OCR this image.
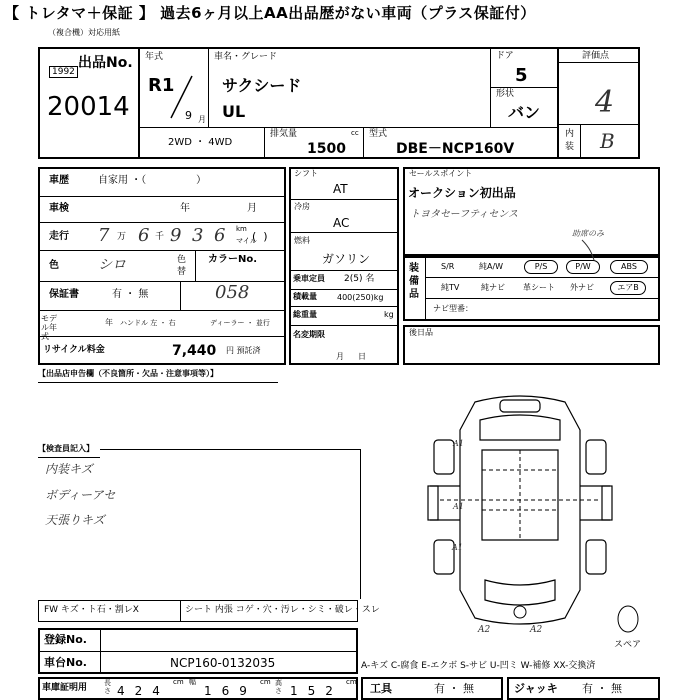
【 トレタマ＋保証 】 過去6ヶ月以上AA出品歴がない車両（プラス保証付）
（複合機）対応用紙
出品No.
1992
20014
年式
R1
9 月
車名・グレード
サクシード
UL
ドア
5
形状
バン
評価点
4
内装 B
2WD ・ 4WD
排気量	cc
1500
型式
DBE－NCP160V
車歴	自家用 ・（　　　　　）
車検	年	月
走行 7 万 6 千 9 3 6 km
マイル
(  )
色	シロ	色替
カラーNo.
保証書	有 ・ 無	058
モデル年式
年 ハンドル 左 ・ 右	ディーラー ・ 並行
リサイクル料金	7,440 円 預託済
シフト
AT
冷房
AC
燃料
ガソリン
乗車定員 2(5) 名
積載量	400(250)kg
総重量	kg
名変期限
月日
セールスポイント
オークション初出品
トヨタセーフティセンス
装備品
助席のみ
S/R	純A/W	P/S	P/W	ABS
純TV	純ナビ 革シート 外ナビ	エアB
ナビ型番：
後日品
【出品店申告欄（不良箇所・欠品・注意事項等）】
【検査員記入】
内装キズ
ボディーアセ
天張りキズ
A1
A1
A1
A2	A2
スペア
FW キズ・ト石・割レX	シート 内張 コゲ・穴・汚レ・シミ・破レ・スレ
登録No.
車台No.	NCP160-0132035	A-キズ C-腐食 E-エクボ S-サビ U-凹ミ W-補修 XX-交換済
車庫証明用 長さ 424
cm 幅
169
cm 高さ 152
cm 工具	有 ・ 無	ジャッキ 有 ・ 無
